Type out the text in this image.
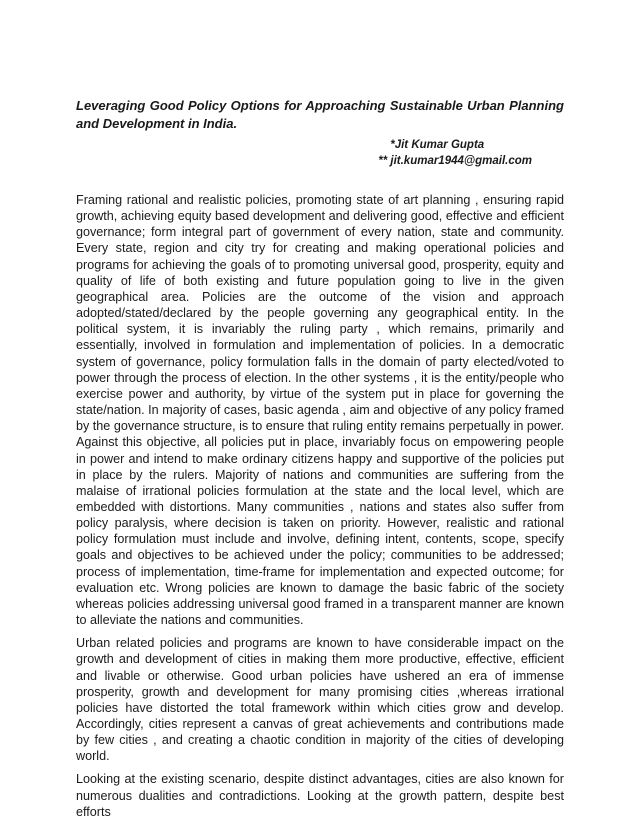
Leveraging Good Policy Options for Approaching Sustainable Urban Planning and Development in India.
*Jit Kumar Gupta
** jit.kumar1944@gmail.com

Framing rational and realistic policies, promoting state of art planning , ensuring rapid growth, achieving equity based development and delivering good, effective and efficient governance; form integral part of government of every nation, state and community. Every state, region and city try for creating and making operational policies and programs for achieving the goals of to promoting universal good, prosperity, equity and quality of life of both existing and future population going to live in the given geographical area. Policies are the outcome of the vision and approach adopted/stated/declared by the people governing any geographical entity. In the political system, it is invariably the ruling party , which remains, primarily and essentially, involved in formulation and implementation of policies. In a democratic system of governance, policy formulation falls in the domain of party elected/voted to power through the process of election. In the other systems , it is the entity/people who exercise power and authority, by virtue of the system put in place for governing the state/nation. In majority of cases, basic agenda , aim and objective of any policy framed by the governance structure, is to ensure that ruling entity remains perpetually in power. Against this objective, all policies put in place, invariably focus on empowering people in power and intend to make ordinary citizens happy and supportive of the policies put in place by the rulers. Majority of nations and communities are suffering from the malaise of irrational policies formulation at the state and the local level, which are embedded with distortions. Many communities , nations and states also suffer from policy paralysis, where decision is taken on priority. However, realistic and rational policy formulation must include and involve, defining intent, contents, scope, specify goals and objectives to be achieved under the policy; communities to be addressed; process of implementation, time-frame for implementation and expected outcome; for evaluation etc. Wrong policies are known to damage the basic fabric of the society whereas policies addressing universal good framed in a transparent manner are known to alleviate the nations and communities.

Urban related policies and programs are known to have considerable impact on the growth and development of cities in making them more productive, effective, efficient and livable or otherwise. Good urban policies have ushered an era of immense prosperity, growth and development for many promising cities ,whereas irrational policies have distorted the total framework within which cities grow and develop. Accordingly, cities represent a canvas of great achievements and contributions made by few cities , and creating a chaotic condition in majority of the cities of developing world.

Looking at the existing scenario, despite distinct advantages, cities are also known for numerous dualities and contradictions. Looking at the growth pattern, despite best efforts
